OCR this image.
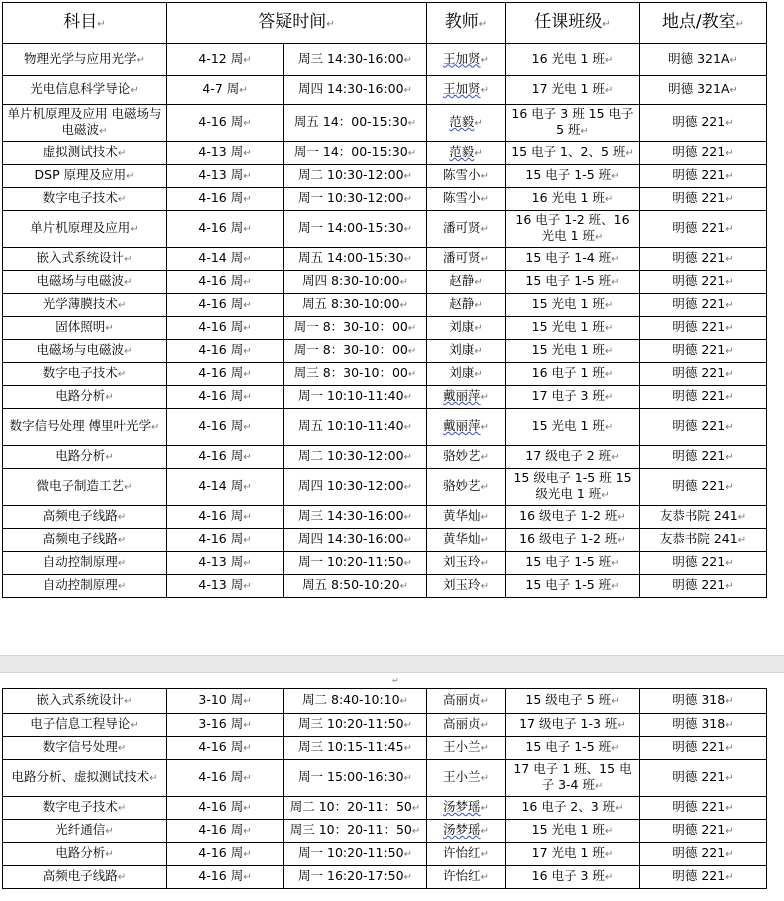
科目↵	答疑时间↵		教师↵	任课班级↵	地点/教室↵
物理光学与应用光学↵	4-12 周↵	周三 14:30-16:00↵	王加贤↵	16 光电 1 班↵	明德 321A↵
光电信息科学导论↵	4-7 周↵	周四 14:30-16:00↵	王加贤↵	17 光电 1 班↵	明德 321A↵
单片机原理及应用 电磁场与电磁波↵	4-16 周↵	周五 14：00-15:30↵	范毅↵	16 电子 3 班 15 电子 5 班↵	明德 221↵
虚拟测试技术↵	4-13 周↵	周一 14：00-15:30↵	范毅↵	15 电子 1、2、5 班↵	明德 221↵
DSP 原理及应用↵	4-13 周↵	周二 10:30-12:00↵	陈雪小↵	15 电子 1-5 班↵	明德 221↵
数字电子技术↵	4-16 周↵	周一 10:30-12:00↵	陈雪小↵	16 光电 1 班↵	明德 221↵
单片机原理及应用↵	4-16 周↵	周一 14:00-15:30↵	潘可贤↵	16 电子 1-2 班、16 光电 1 班↵	明德 221↵
嵌入式系统设计↵	4-14 周↵	周五 14:00-15:30↵	潘可贤↵	15 电子 1-4 班↵	明德 221↵
电磁场与电磁波↵	4-16 周↵	周四 8:30-10:00↵	赵静↵	15 电子 1-5 班↵	明德 221↵
光学薄膜技术↵	4-16 周↵	周五 8:30-10:00↵	赵静↵	15 光电 1 班↵	明德 221↵
固体照明↵	4-16 周↵	周一 8：30-10：00↵	刘康↵	15 光电 1 班↵	明德 221↵
电磁场与电磁波↵	4-16 周↵	周一 8：30-10：00↵	刘康↵	15 光电 1 班↵	明德 221↵
数字电子技术↵	4-16 周↵	周三 8：30-10：00↵	刘康↵	16 电子 1 班↵	明德 221↵
电路分析↵	4-16 周↵	周一 10:10-11:40↵	戴丽萍↵	17 电子 3 班↵	明德 221↵
数字信号处理 傅里叶光学↵	4-16 周↵	周五 10:10-11:40↵	戴丽萍↵	15 光电 1 班↵	明德 221↵
电路分析↵	4-16 周↵	周二 10:30-12:00↵	骆妙艺↵	17 级电子 2 班↵	明德 221↵
微电子制造工艺↵	4-14 周↵	周四 10:30-12:00↵	骆妙艺↵	15 级电子 1-5 班 15 级光电 1 班↵	明德 221↵
高频电子线路↵	4-16 周↵	周三 14:30-16:00↵	黄华灿↵	16 级电子 1-2 班↵	友恭书院 241↵
高频电子线路↵	4-16 周↵	周四 14:30-16:00↵	黄华灿↵	16 级电子 1-2 班↵	友恭书院 241↵
自动控制原理↵	4-13 周↵	周一 10:20-11:50↵	刘玉玲↵	15 电子 1-5 班↵	明德 221↵
自动控制原理↵	4-13 周↵	周五 8:50-10:20↵	刘玉玲↵	15 电子 1-5 班↵	明德 221↵
↵
嵌入式系统设计↵	3-10 周↵	周二 8:40-10:10↵	高丽贞↵	15 级电子 5 班↵	明德 318↵
电子信息工程导论↵	3-16 周↵	周三 10:20-11:50↵	高丽贞↵	17 级电子 1-3 班↵	明德 318↵
数字信号处理↵	4-16 周↵	周三 10:15-11:45↵	王小兰↵	15 电子 1-5 班↵	明德 221↵
电路分析、虚拟测试技术↵	4-16 周↵	周一 15:00-16:30↵	王小兰↵	17 电子 1 班、15 电子 3-4 班↵	明德 221↵
数字电子技术↵	4-16 周↵	周二 10：20-11：50↵	汤梦瑶↵	16 电子 2、3 班↵	明德 221↵
光纤通信↵	4-16 周↵	周三 10：20-11：50↵	汤梦瑶↵	15 光电 1 班↵	明德 221↵
电路分析↵	4-16 周↵	周一 10:20-11:50↵	许怡红↵	17 光电 1 班↵	明德 221↵
高频电子线路↵	4-16 周↵	周一 16:20-17:50↵	许怡红↵	16 电子 3 班↵	明德 221↵
